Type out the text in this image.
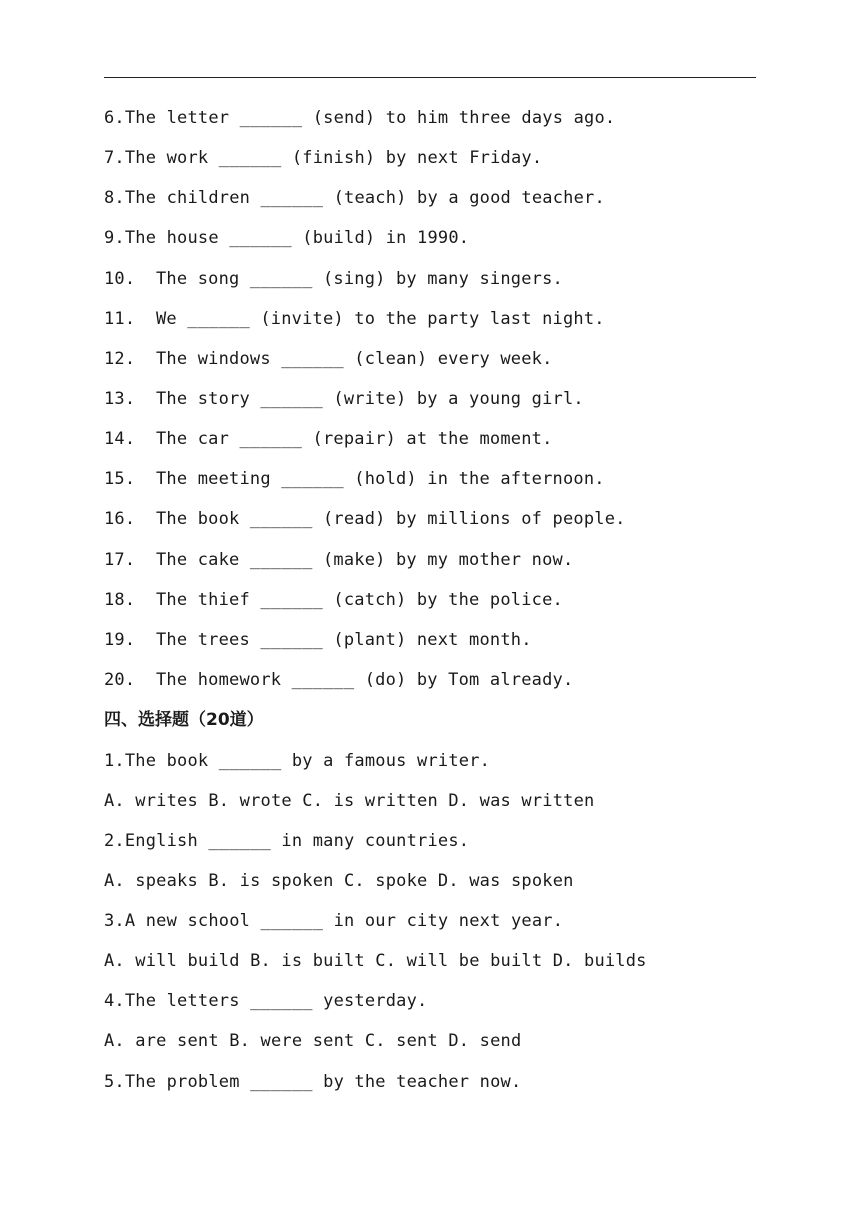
6.The letter ______ (send) to him three days ago.
7.The work ______ (finish) by next Friday.
8.The children ______ (teach) by a good teacher.
9.The house ______ (build) in 1990.
10. The song ______ (sing) by many singers.
11. We ______ (invite) to the party last night.
12. The windows ______ (clean) every week.
13. The story ______ (write) by a young girl.
14. The car ______ (repair) at the moment.
15. The meeting ______ (hold) in the afternoon.
16. The book ______ (read) by millions of people.
17. The cake ______ (make) by my mother now.
18. The thief ______ (catch) by the police.
19. The trees ______ (plant) next month.
20. The homework ______ (do) by Tom already.
四、选择题（20道）
1.The book ______ by a famous writer.
A. writes B. wrote C. is written D. was written
2.English ______ in many countries.
A. speaks B. is spoken C. spoke D. was spoken
3.A new school ______ in our city next year.
A. will build B. is built C. will be built D. builds
4.The letters ______ yesterday.
A. are sent B. were sent C. sent D. send
5.The problem ______ by the teacher now.
